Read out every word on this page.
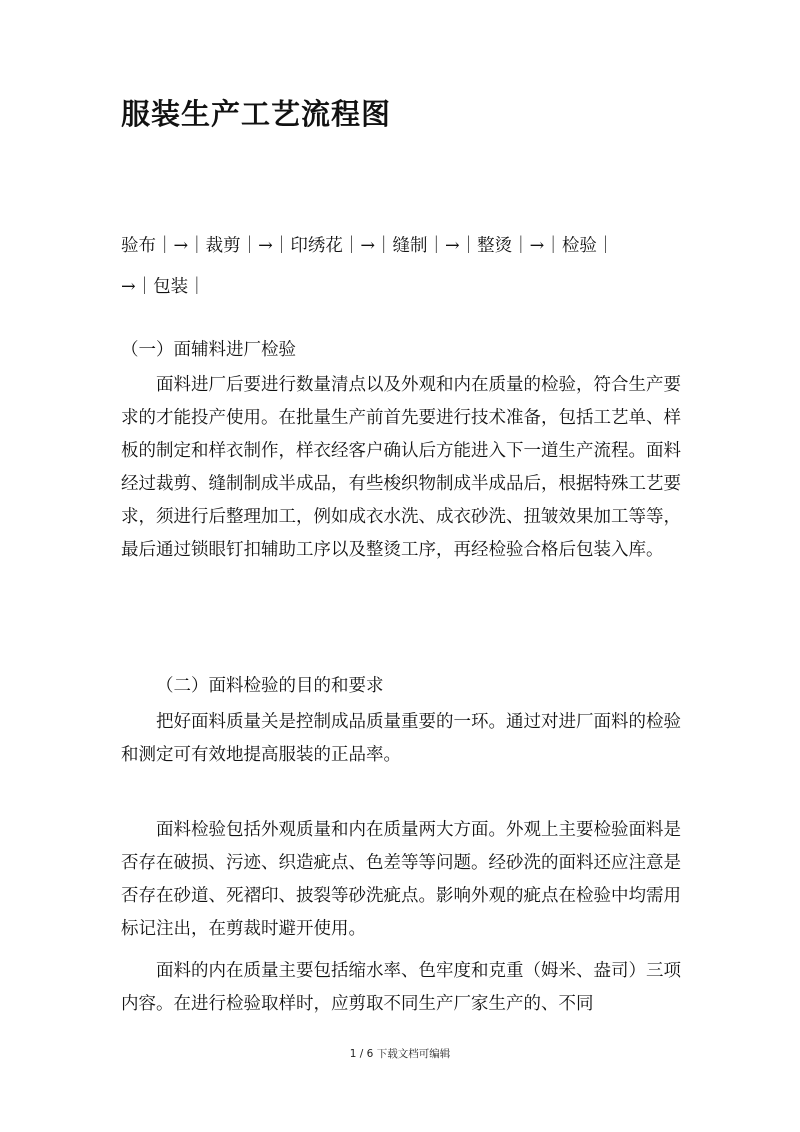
服装生产工艺流程图
验布｜→｜裁剪｜→｜印绣花｜→｜缝制｜→｜整烫｜→｜检验｜
→｜包装｜
（一）面辅料进厂检验
面料进厂后要进行数量清点以及外观和内在质量的检验，符合生产要求的才能投产使用。在批量生产前首先要进行技术准备，包括工艺单、样板的制定和样衣制作，样衣经客户确认后方能进入下一道生产流程。面料经过裁剪、缝制制成半成品，有些梭织物制成半成品后，根据特殊工艺要求，须进行后整理加工，例如成衣水洗、成衣砂洗、扭皱效果加工等等，最后通过锁眼钉扣辅助工序以及整烫工序，再经检验合格后包装入库。
（二）面料检验的目的和要求
把好面料质量关是控制成品质量重要的一环。通过对进厂面料的检验和测定可有效地提高服装的正品率。
面料检验包括外观质量和内在质量两大方面。外观上主要检验面料是否存在破损、污迹、织造疵点、色差等等问题。经砂洗的面料还应注意是否存在砂道、死褶印、披裂等砂洗疵点。影响外观的疵点在检验中均需用标记注出，在剪裁时避开使用。
面料的内在质量主要包括缩水率、色牢度和克重（姆米、盎司）三项内容。在进行检验取样时，应剪取不同生产厂家生产的、不同
1 / 6 下载文档可编辑
